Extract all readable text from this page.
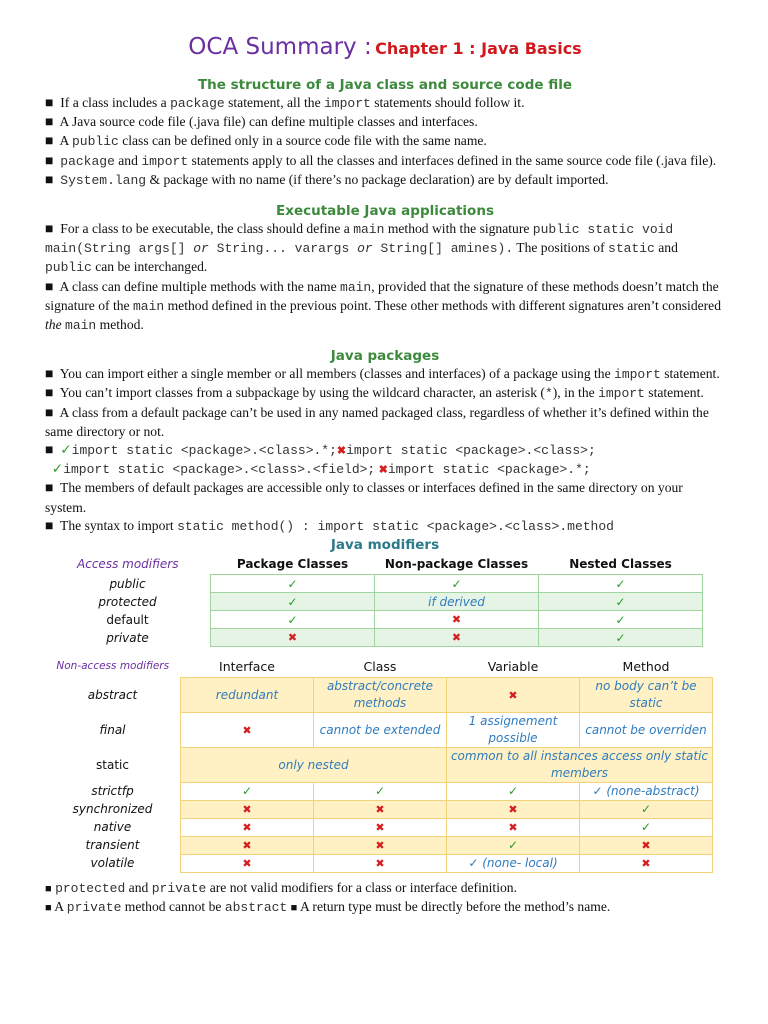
OCA Summary : Chapter 1 : Java Basics
The structure of a Java class and source code file

■ If a class includes a package statement, all the import statements should follow it.

■ A Java source code file (.java file) can define multiple classes and interfaces.

■ A public class can be defined only in a source code file with the same name.

■ package and import statements apply to all the classes and interfaces defined in the same source code file (.java file).

■ System.lang & package with no name (if there’s no package declaration) are by default imported.

Executable Java applications

■ For a class to be executable, the class should define a main method with the signature public static void main(String args[] or String... varargs or String[] amines). The positions of static and public can be interchanged.

■ A class can define multiple methods with the name main, provided that the signature of these methods doesn’t match the signature of the main method defined in the previous point. These other methods with different signatures aren’t considered the main method.

Java packages

■ You can import either a single member or all members (classes and interfaces) of a package using the import statement.

■ You can’t import classes from a subpackage by using the wildcard character, an asterisk (*), in the import statement.

■ A class from a default package can’t be used in any named packaged class, regardless of whether it’s defined within the same directory or not.

■ ✓import static <package>.<class>.*;✖import static <package>.<class>;
✓import static <package>.<class>.<field>; ✖import static <package>.*;

■ The members of default packages are accessible only to classes or interfaces defined in the same directory on your system.

■ The syntax to import static method() : import static <package>.<class>.method

Java modifiers
Access modifiers	Package Classes	Non-package Classes	Nested Classes
public	✓	✓	✓
protected	✓	if derived	✓
default	✓	✖	✓
private	✖	✖	✓
Non-access modifiers	Interface	Class	Variable	Method
abstract	redundant	abstract/concrete methods	✖	no body can’t be static
final	✖	cannot be extended	1 assignement possible	cannot be overriden
static	only nested		common to all instances access only static members	
strictfp	✓	✓	✓	✓ (none-abstract)
synchronized	✖	✖	✖	✓
native	✖	✖	✖	✓
transient	✖	✖	✓	✖
volatile	✖	✖	✓ (none- local)	✖

■ protected and private are not valid modifiers for a class or interface definition.

■ A private method cannot be abstract ■ A return type must be directly before the method’s name.
